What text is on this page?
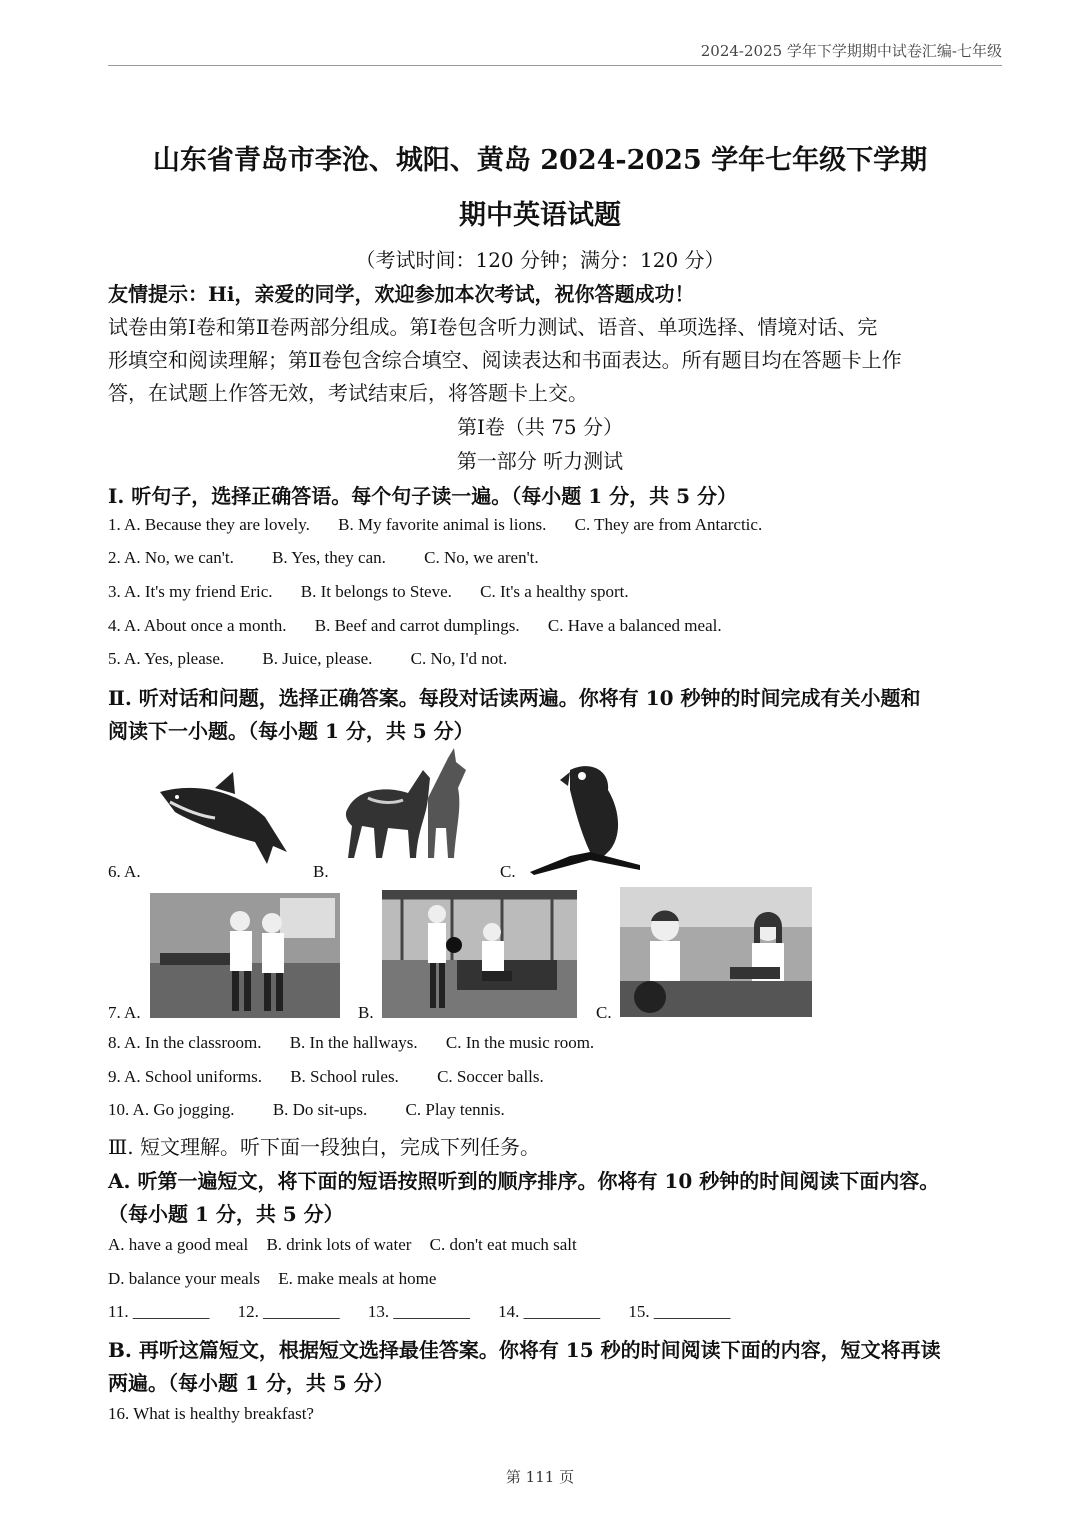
2024-2025 学年下学期期中试卷汇编-七年级
山东省青岛市李沧、城阳、黄岛 2024-2025 学年七年级下学期
期中英语试题
（考试时间：120 分钟；满分：120 分）
友情提示：Hi，亲爱的同学，欢迎参加本次考试，祝你答题成功！
试卷由第Ⅰ卷和第Ⅱ卷两部分组成。第Ⅰ卷包含听力测试、语音、单项选择、情境对话、完
形填空和阅读理解；第Ⅱ卷包含综合填空、阅读表达和书面表达。所有题目均在答题卡上作
答，在试题上作答无效，考试结束后，将答题卡上交。
第Ⅰ卷（共 75 分）
第一部分 听力测试
Ⅰ. 听句子，选择正确答语。每个句子读一遍。（每小题 1 分，共 5 分）
1. A. Because they are lovely. B. My favorite animal is lions. C. They are from Antarctic.
2. A. No, we can't. B. Yes, they can. C. No, we aren't.
3. A. It's my friend Eric. B. It belongs to Steve. C. It's a healthy sport.
4. A. About once a month. B. Beef and carrot dumplings. C. Have a balanced meal.
5. A. Yes, please. B. Juice, please. C. No, I'd not.
Ⅱ. 听对话和问题，选择正确答案。每段对话读两遍。你将有 10 秒钟的时间完成有关小题和
阅读下一小题。（每小题 1 分，共 5 分）
6. A.	B.	C.
7. A.	B.	C.
8. A. In the classroom. B. In the hallways. C. In the music room.
9. A. School uniforms. B. School rules. C. Soccer balls.
10. A. Go jogging. B. Do sit-ups. C. Play tennis.
Ⅲ. 短文理解。听下面一段独白，完成下列任务。
A. 听第一遍短文，将下面的短语按照听到的顺序排序。你将有 10 秒钟的时间阅读下面内容。
（每小题 1 分，共 5 分）
A. have a good meal B. drink lots of water C. don't eat much salt
D. balance your meals E. make meals at home
11. _________ 12. _________ 13. _________ 14. _________ 15. _________
B. 再听这篇短文，根据短文选择最佳答案。你将有 15 秒的时间阅读下面的内容，短文将再读
两遍。（每小题 1 分，共 5 分）
16. What is healthy breakfast?
第 111 页
